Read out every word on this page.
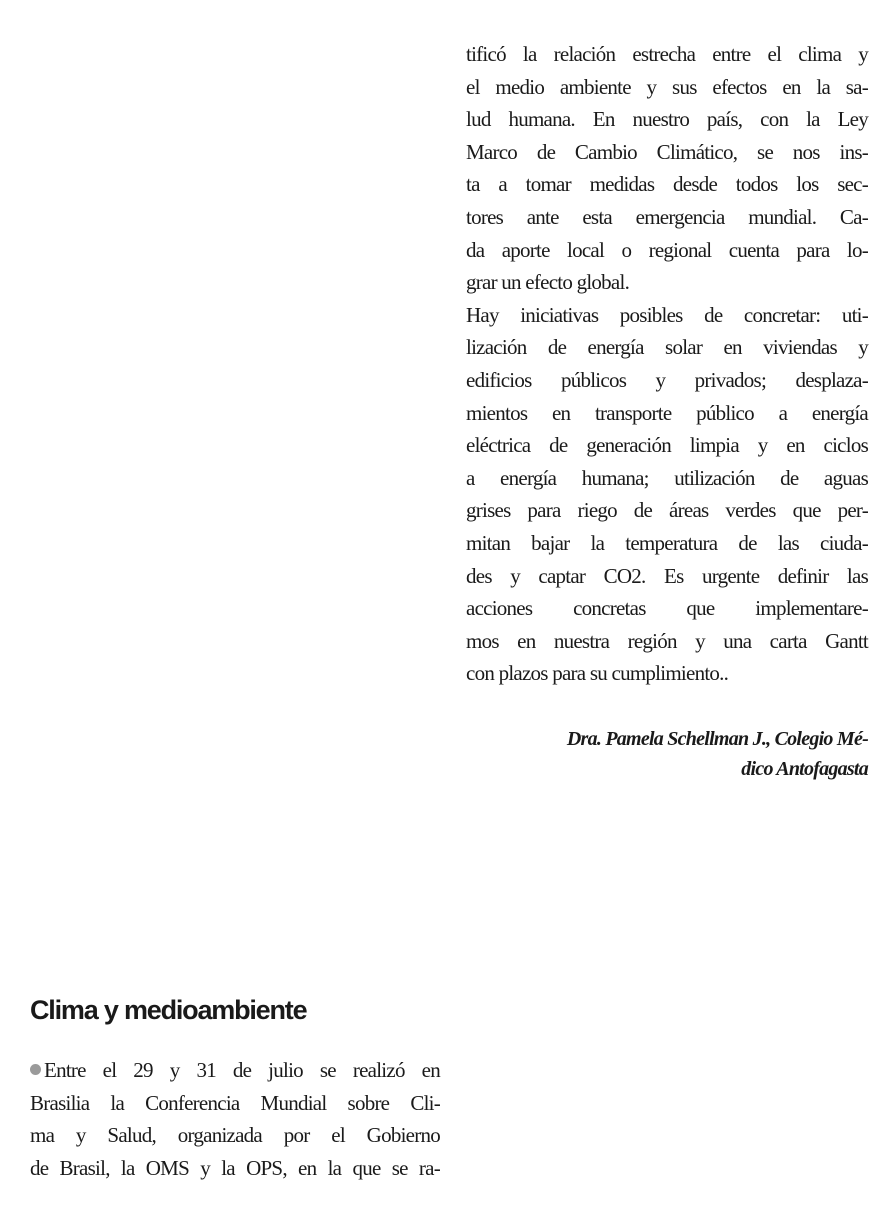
tificó la relación estrecha entre el clima y
el medio ambiente y sus efectos en la sa-
lud humana. En nuestro país, con la Ley
Marco de Cambio Climático, se nos ins-
ta a tomar medidas desde todos los sec-
tores ante esta emergencia mundial. Ca-
da aporte local o regional cuenta para lo-
grar un efecto global.
Hay iniciativas posibles de concretar: uti-
lización de energía solar en viviendas y
edificios públicos y privados; desplaza-
mientos en transporte público a energía
eléctrica de generación limpia y en ciclos
a energía humana; utilización de aguas
grises para riego de áreas verdes que per-
mitan bajar la temperatura de las ciuda-
des y captar CO2. Es urgente definir las
acciones concretas que implementare-
mos en nuestra región y una carta Gantt
con plazos para su cumplimiento..
Dra. Pamela Schellman J., Colegio Mé-
dico Antofagasta
Clima y medioambiente
Entre el 29 y 31 de julio se realizó en
Brasilia la Conferencia Mundial sobre Cli-
ma y Salud, organizada por el Gobierno
de Brasil, la OMS y la OPS, en la que se ra-
